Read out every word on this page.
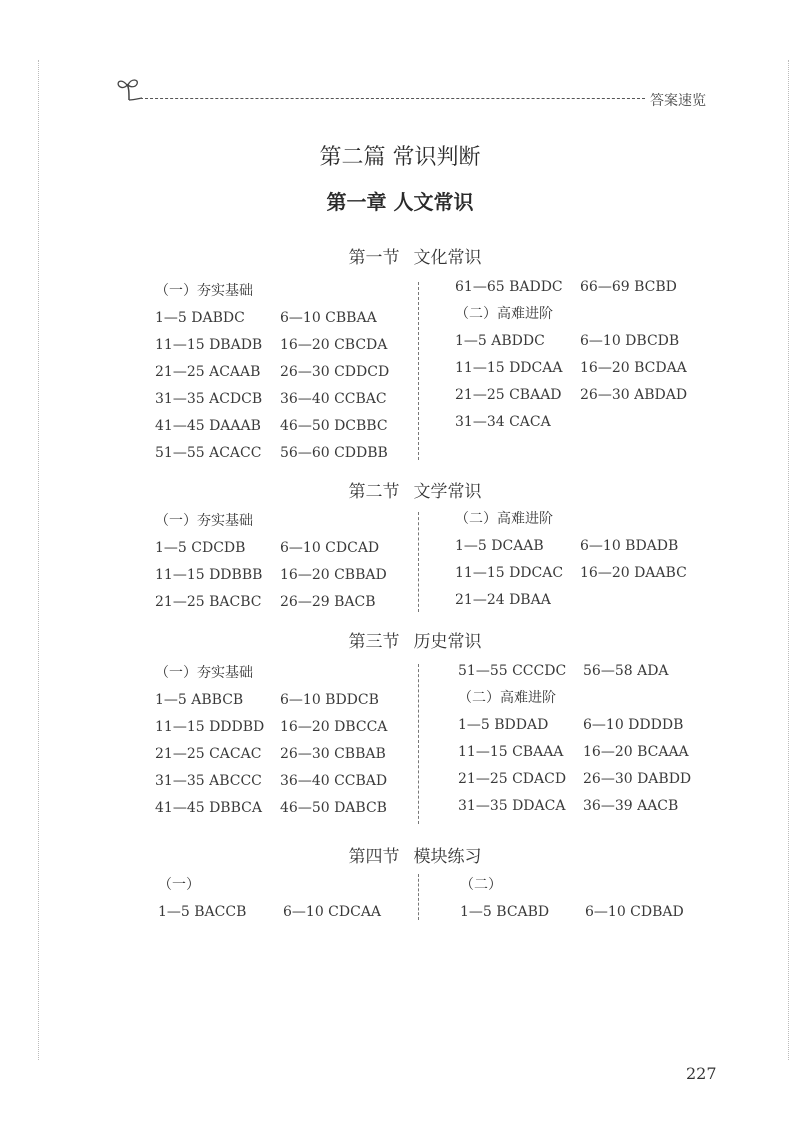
答案速览
第二篇 常识判断
第一章 人文常识
第一节 文化常识
（一）夯实基础
1—5 DABDC	6—10 CBBAA
11—15 DBADB 16—20 CBCDA
21—25 ACAAB 26—30 CDDCD
31—35 ACDCB 36—40 CCBAC
41—45 DAAAB 46—50 DCBBC
51—55 ACACC 56—60 CDDBB
61—65 BADDC 66—69 BCBD
（二）高难进阶
1—5 ABDDC	6—10 DBCDB
11—15 DDCAA 16—20 BCDAA
21—25 CBAAD 26—30 ABDAD
31—34 CACA
第二节 文学常识
（一）夯实基础
1—5 CDCDB 6—10 CDCAD
11—15 DDBBB 16—20 CBBAD
21—25 BACBC 26—29 BACB
（二）高难进阶
1—5 DCAAB	6—10 BDADB
11—15 DDCAC 16—20 DAABC
21—24 DBAA
第三节 历史常识
（一）夯实基础
1—5 ABBCB	6—10 BDDCB
11—15 DDDBD 16—20 DBCCA
21—25 CACAC 26—30 CBBAB
31—35 ABCCC 36—40 CCBAD
41—45 DBBCA 46—50 DABCB
51—55 CCCDC 56—58 ADA
（二）高难进阶
1—5 BDDAD 6—10 DDDDB
11—15 CBAAA 16—20 BCAAA
21—25 CDACD 26—30 DABDD
31—35 DDACA 36—39 AACB
第四节 模块练习
（一）
1—5 BACCB	6—10 CDCAA
（二）
1—5 BCABD	6—10 CDBAD
227
